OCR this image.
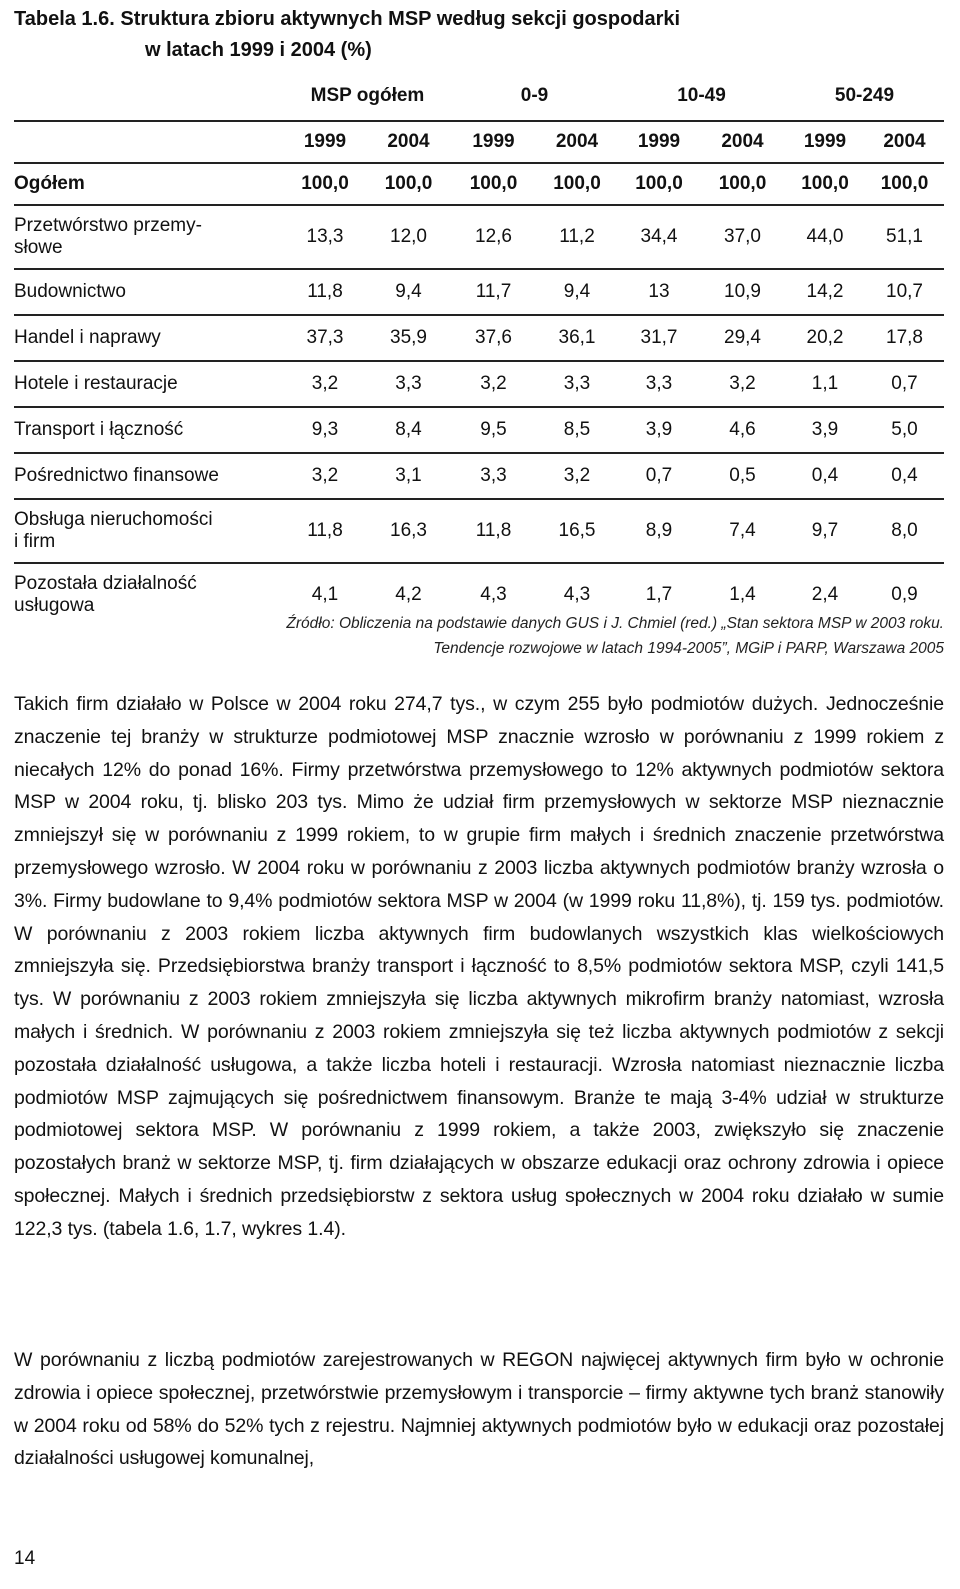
Tabela 1.6. Struktura zbioru aktywnych MSP według sekcji gospodarki
w latach 1999 i 2004 (%)
	MSP ogółem		0-9		10-49		50-249	
	1999	2004	1999	2004	1999	2004	1999	2004
Ogółem	100,0	100,0	100,0	100,0	100,0	100,0	100,0	100,0

Przetwórstwo przemy-
słowe	13,3	12,0	12,6	11,2	34,4	37,0	44,0	51,1
Budownictwo	11,8	9,4	11,7	9,4	13	10,9	14,2	10,7
Handel i naprawy	37,3	35,9	37,6	36,1	31,7	29,4	20,2	17,8
Hotele i restauracje	3,2	3,3	3,2	3,3	3,3	3,2	1,1	0,7
Transport i łączność	9,3	8,4	9,5	8,5	3,9	4,6	3,9	5,0
Pośrednictwo finansowe	3,2	3,1	3,3	3,2	0,7	0,5	0,4	0,4

Obsługa nieruchomości
i firm	11,8	16,3	11,8	16,5	8,9	7,4	9,7	8,0

Pozostała działalność
usługowa	4,1	4,2	4,3	4,3	1,7	1,4	2,4	0,9
Źródło: Obliczenia na podstawie danych GUS i J. Chmiel (red.) „Stan sektora MSP w 2003 roku.
Tendencje rozwojowe w latach 1994-2005”, MGiP i PARP, Warszawa 2005
Takich firm działało w Polsce w 2004 roku 274,7 tys., w czym 255 było podmiotów dużych. Jednocześnie znaczenie tej branży w strukturze podmiotowej MSP znacznie wzrosło w porównaniu z 1999 rokiem z niecałych 12% do ponad 16%. Firmy przetwórstwa przemysłowego to 12% aktywnych podmiotów sektora MSP w 2004 roku, tj. blisko 203 tys. Mimo że udział firm przemysłowych w sektorze MSP nieznacznie zmniejszył się w porównaniu z 1999 rokiem, to w grupie firm małych i średnich znaczenie przetwórstwa przemysłowego wzrosło. W 2004 roku w porównaniu z 2003 liczba aktywnych podmiotów branży wzrosła o 3%. Firmy budowlane to 9,4% podmiotów sektora MSP w 2004 (w 1999 roku 11,8%), tj. 159 tys. podmiotów. W porównaniu z 2003 rokiem liczba aktywnych firm budowlanych wszystkich klas wielkościowych zmniejszyła się. Przedsiębiorstwa branży transport i łączność to 8,5% podmiotów sektora MSP, czyli 141,5 tys. W porównaniu z 2003 rokiem zmniejszyła się liczba aktywnych mikrofirm branży natomiast, wzrosła małych i średnich. W porównaniu z 2003 rokiem zmniejszyła się też liczba aktywnych podmiotów z sekcji pozostała działalność usługowa, a także liczba hoteli i restauracji. Wzrosła natomiast nieznacznie liczba podmiotów MSP zajmujących się pośrednictwem finansowym. Branże te mają 3-4% udział w strukturze podmiotowej sektora MSP. W porównaniu z 1999 rokiem, a także 2003, zwiększyło się znaczenie pozostałych branż w sektorze MSP, tj. firm działających w obszarze edukacji oraz ochrony zdrowia i opiece społecznej. Małych i średnich przedsiębiorstw z sektora usług społecznych w 2004 roku działało w sumie 122,3 tys. (tabela 1.6, 1.7, wykres 1.4).
W porównaniu z liczbą podmiotów zarejestrowanych w REGON najwięcej aktywnych firm było w ochronie zdrowia i opiece społecznej, przetwórstwie przemysłowym i transporcie – firmy aktywne tych branż stanowiły w 2004 roku od 58% do 52% tych z rejestru. Najmniej aktywnych podmiotów było w edukacji oraz pozostałej działalności usługowej komunalnej,
14
